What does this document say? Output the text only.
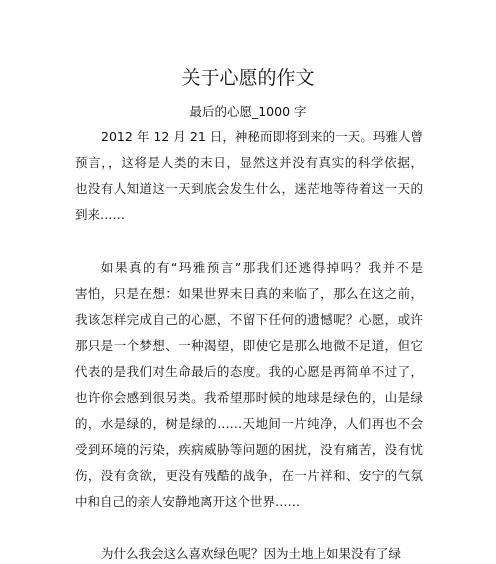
关于心愿的作文
最后的心愿_1000 字
2012 年 12 月 21 日，神秘而即将到来的一天。玛雅人曾
预言，，这将是人类的末日，显然这并没有真实的科学依据，
也没有人知道这一天到底会发生什么，迷茫地等待着这一天的
到来……
如果真的有“玛雅预言”那我们还逃得掉吗？我并不是
害怕，只是在想：如果世界末日真的来临了，那么在这之前，
我该怎样完成自己的心愿，不留下任何的遗憾呢？心愿，或许
那只是一个梦想、一种渴望，即使它是那么地微不足道，但它
代表的是我们对生命最后的态度。我的心愿是再简单不过了，
也许你会感到很另类。我希望那时候的地球是绿色的，山是绿
的，水是绿的，树是绿的……天地间一片纯净，人们再也不会
受到环境的污染，疾病威胁等问题的困扰，没有痛苦，没有忧
伤，没有贪欲，更没有残酷的战争，在一片祥和、安宁的气氛
中和自己的亲人安静地离开这个世界……
为什么我会这么喜欢绿色呢？因为土地上如果没有了绿
